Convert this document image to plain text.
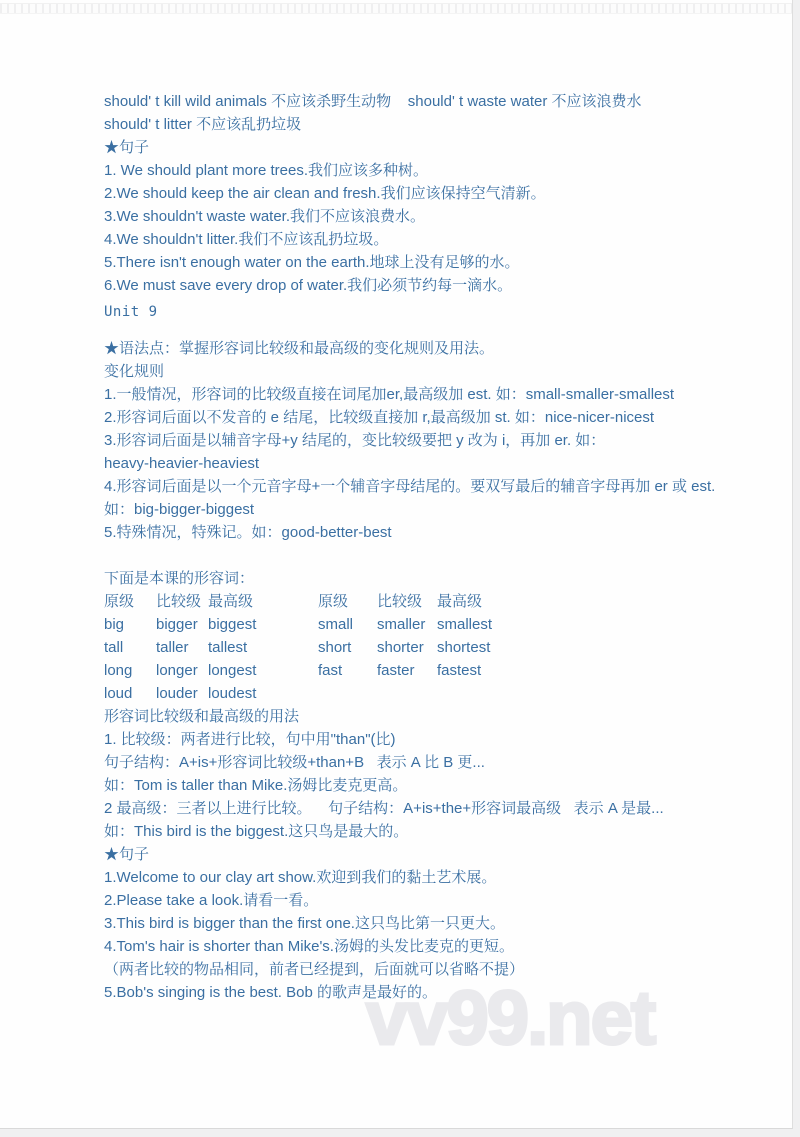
should' t kill wild animals 不应该杀野生动物    should' t waste water 不应该浪费水

should' t litter 不应该乱扔垃圾

★句子

1. We should plant more trees.我们应该多种树。

2.We should keep the air clean and fresh.我们应该保持空气清新。

3.We shouldn't waste water.我们不应该浪费水。

4.We shouldn't litter.我们不应该乱扔垃圾。

5.There isn't enough water on the earth.地球上没有足够的水。

6.We must save every drop of water.我们必须节约每一滴水。

Unit 9

★语法点：掌握形容词比较级和最高级的变化规则及用法。

变化规则

1.一般情况，形容词的比较级直接在词尾加er,最高级加 est. 如：small-smaller-smallest

2.形容词后面以不发音的 e 结尾，比较级直接加 r,最高级加 st. 如：nice-nicer-nicest

3.形容词后面是以辅音字母+y 结尾的，变比较级要把 y 改为 i，再加 er. 如：

heavy-heavier-heaviest

4.形容词后面是以一个元音字母+一个辅音字母结尾的。要双写最后的辅音字母再加 er 或 est.

如：big-bigger-biggest

5.特殊情况，特殊记。如：good-better-best

下面是本课的形容词：

原级	比较级 最高级	原级	比较级 最高级
big	bigger biggest	small	smaller smallest
tall	taller	tallest	short	shorter shortest
long	longer longest	fast	faster	fastest
loud	louder loudest

形容词比较级和最高级的用法

1. 比较级：两者进行比较，句中用"than"(比)

句子结构：A+is+形容词比较级+than+B   表示 A 比 B 更...

如：Tom is taller than Mike.汤姆比麦克更高。

2 最高级：三者以上进行比较。    句子结构：A+is+the+形容词最高级   表示 A 是最...

如：This bird is the biggest.这只鸟是最大的。

★句子

1.Welcome to our clay art show.欢迎到我们的黏土艺术展。

2.Please take a look.请看一看。

3.This bird is bigger than the first one.这只鸟比第一只更大。

4.Tom's hair is shorter than Mike's.汤姆的头发比麦克的更短。

（两者比较的物品相同，前者已经提到，后面就可以省略不提）

5.Bob's singing is the best. Bob 的歌声是最好的。

vv99.net
